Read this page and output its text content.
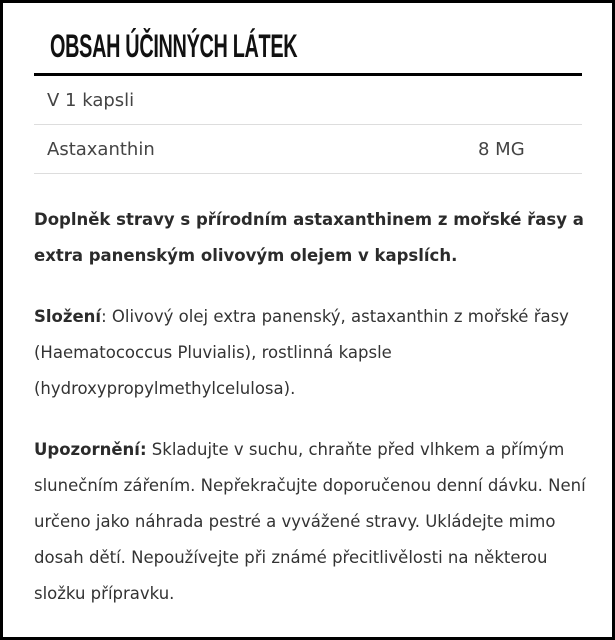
OBSAH ÚČINNÝCH LÁTEK
V 1 kapsli
Astaxanthin	8 MG

Doplněk stravy s přírodním astaxanthinem z mořské řasy a extra panenským olivovým olejem v kapslích.

Složení: Olivový olej extra panenský, astaxanthin z mořské řasy (Haematococcus Pluvialis), rostlinná kapsle (hydroxypropylmethylcelulosa).

Upozornění: Skladujte v suchu, chraňte před vlhkem a přímým slunečním zářením. Nepřekračujte doporučenou denní dávku. Není určeno jako náhrada pestré a vyvážené stravy. Ukládejte mimo dosah dětí. Nepoužívejte při známé přecitlivělosti na některou složku přípravku.
